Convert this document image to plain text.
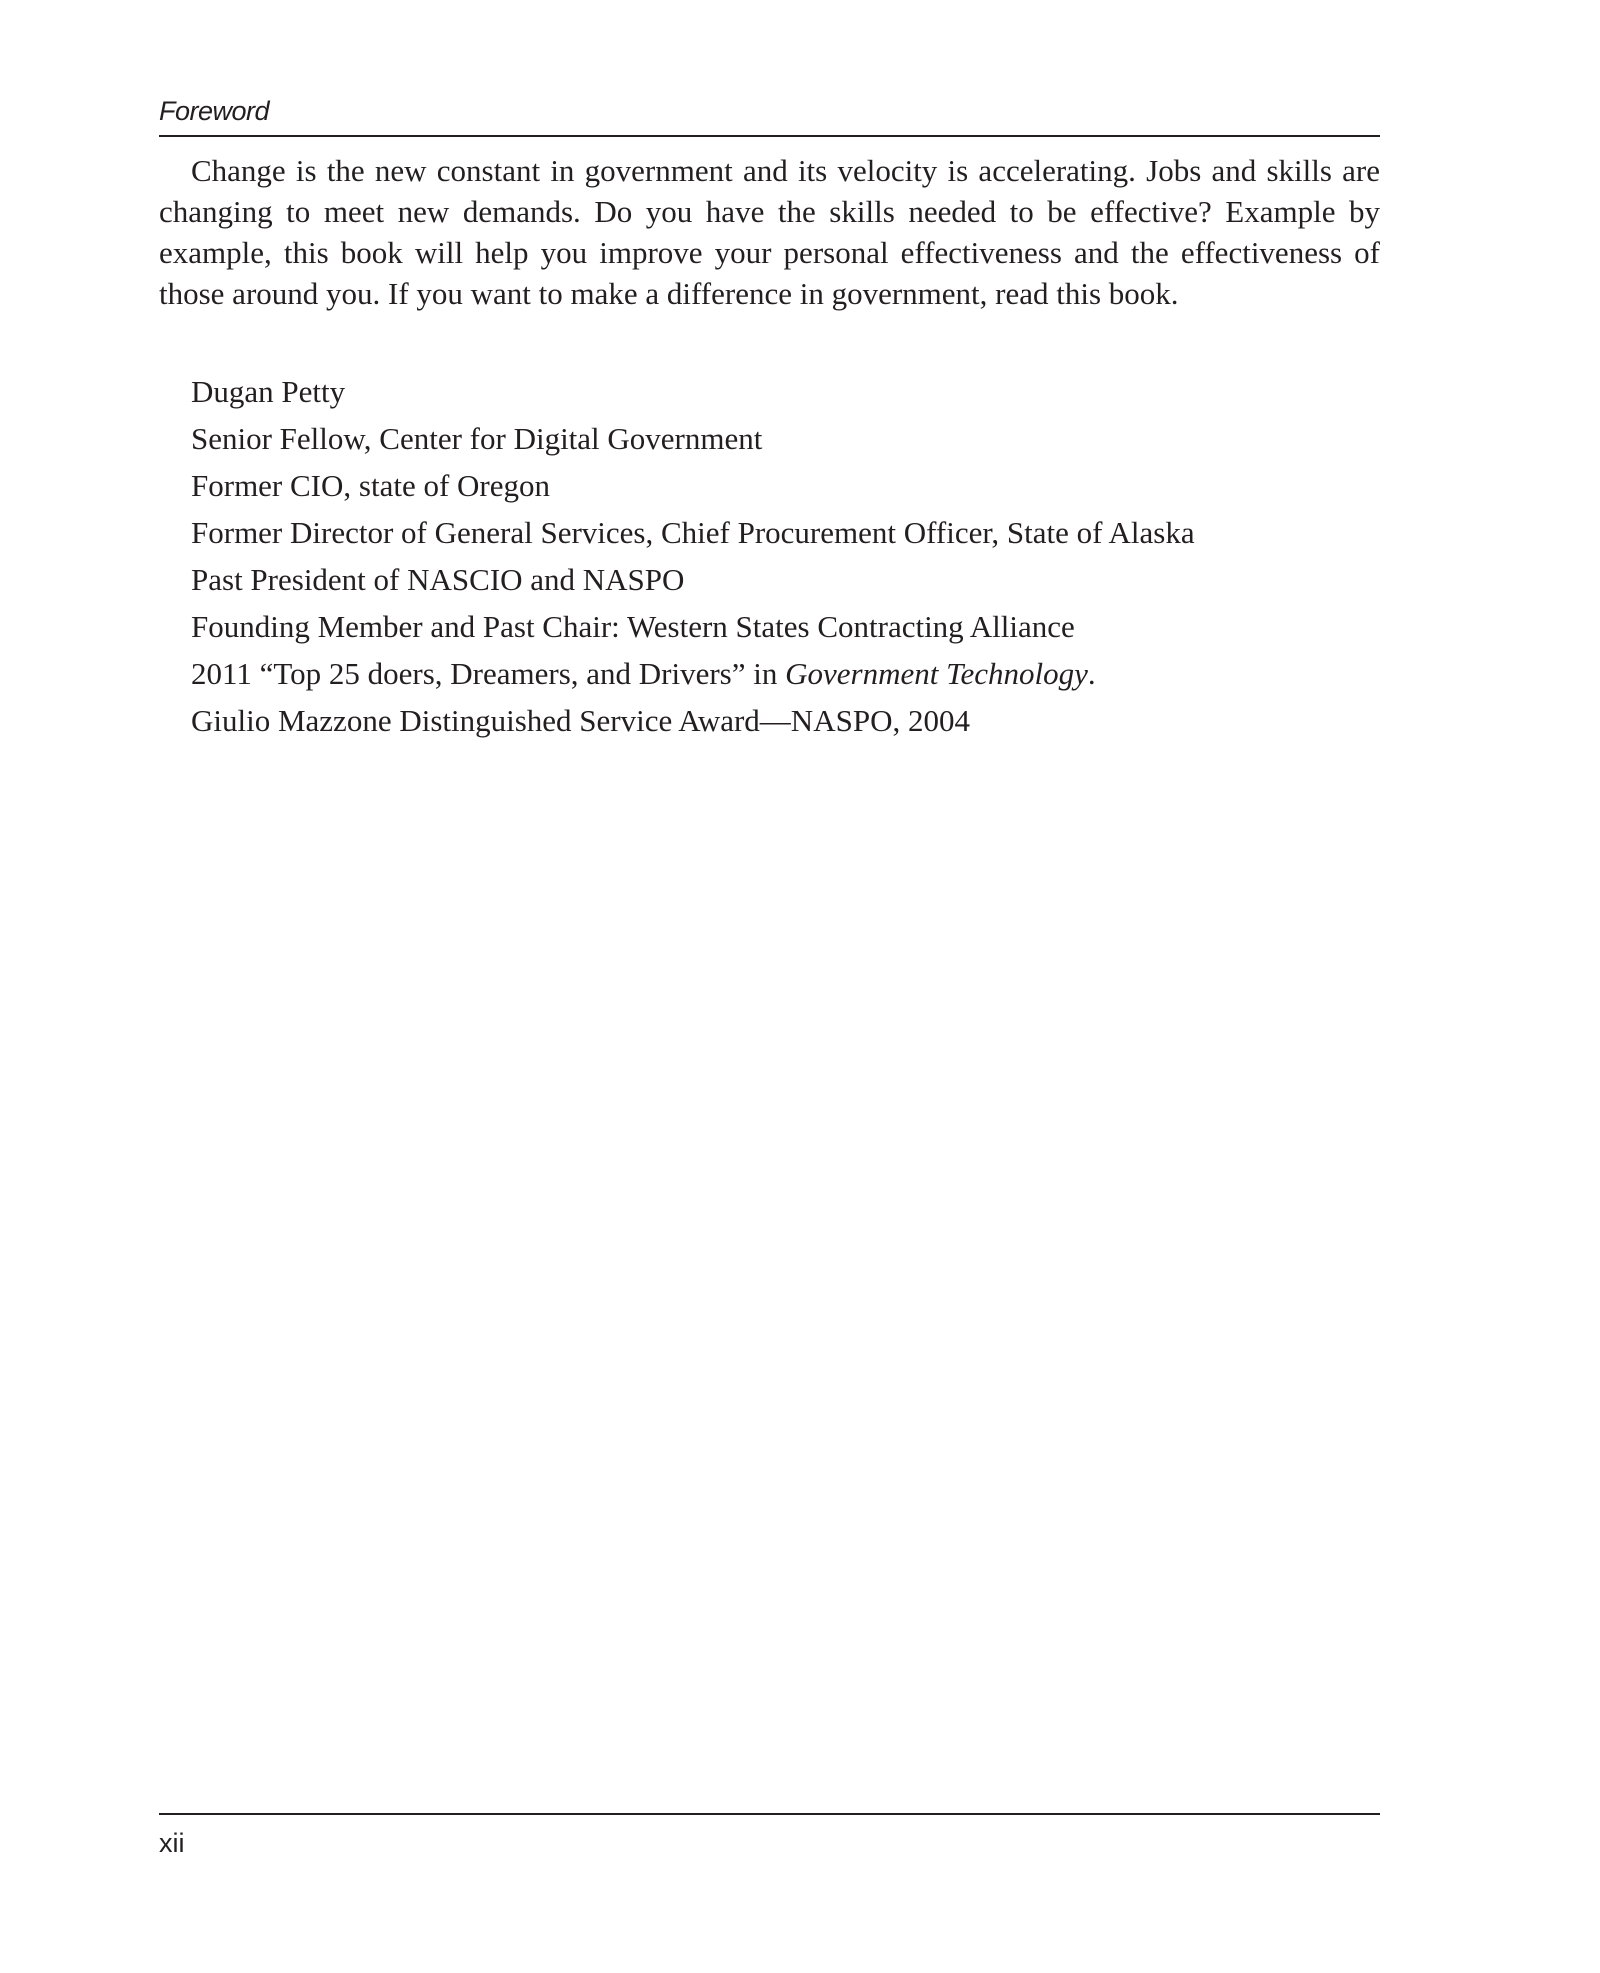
Foreword

Change is the new constant in government and its velocity is accelerating. Jobs and skills are changing to meet new demands. Do you have the skills needed to be effective? Example by example, this book will help you improve your personal effectiveness and the effectiveness of those around you. If you want to make a difference in government, read this book.

Dugan Petty
Senior Fellow, Center for Digital Government
Former CIO, state of Oregon
Former Director of General Services, Chief Procurement Officer, State of Alaska
Past President of NASCIO and NASPO
Founding Member and Past Chair: Western States Contracting Alliance
2011 “Top 25 doers, Dreamers, and Drivers” in Government Technology.
Giulio Mazzone Distinguished Service Award—NASPO, 2004
xii
